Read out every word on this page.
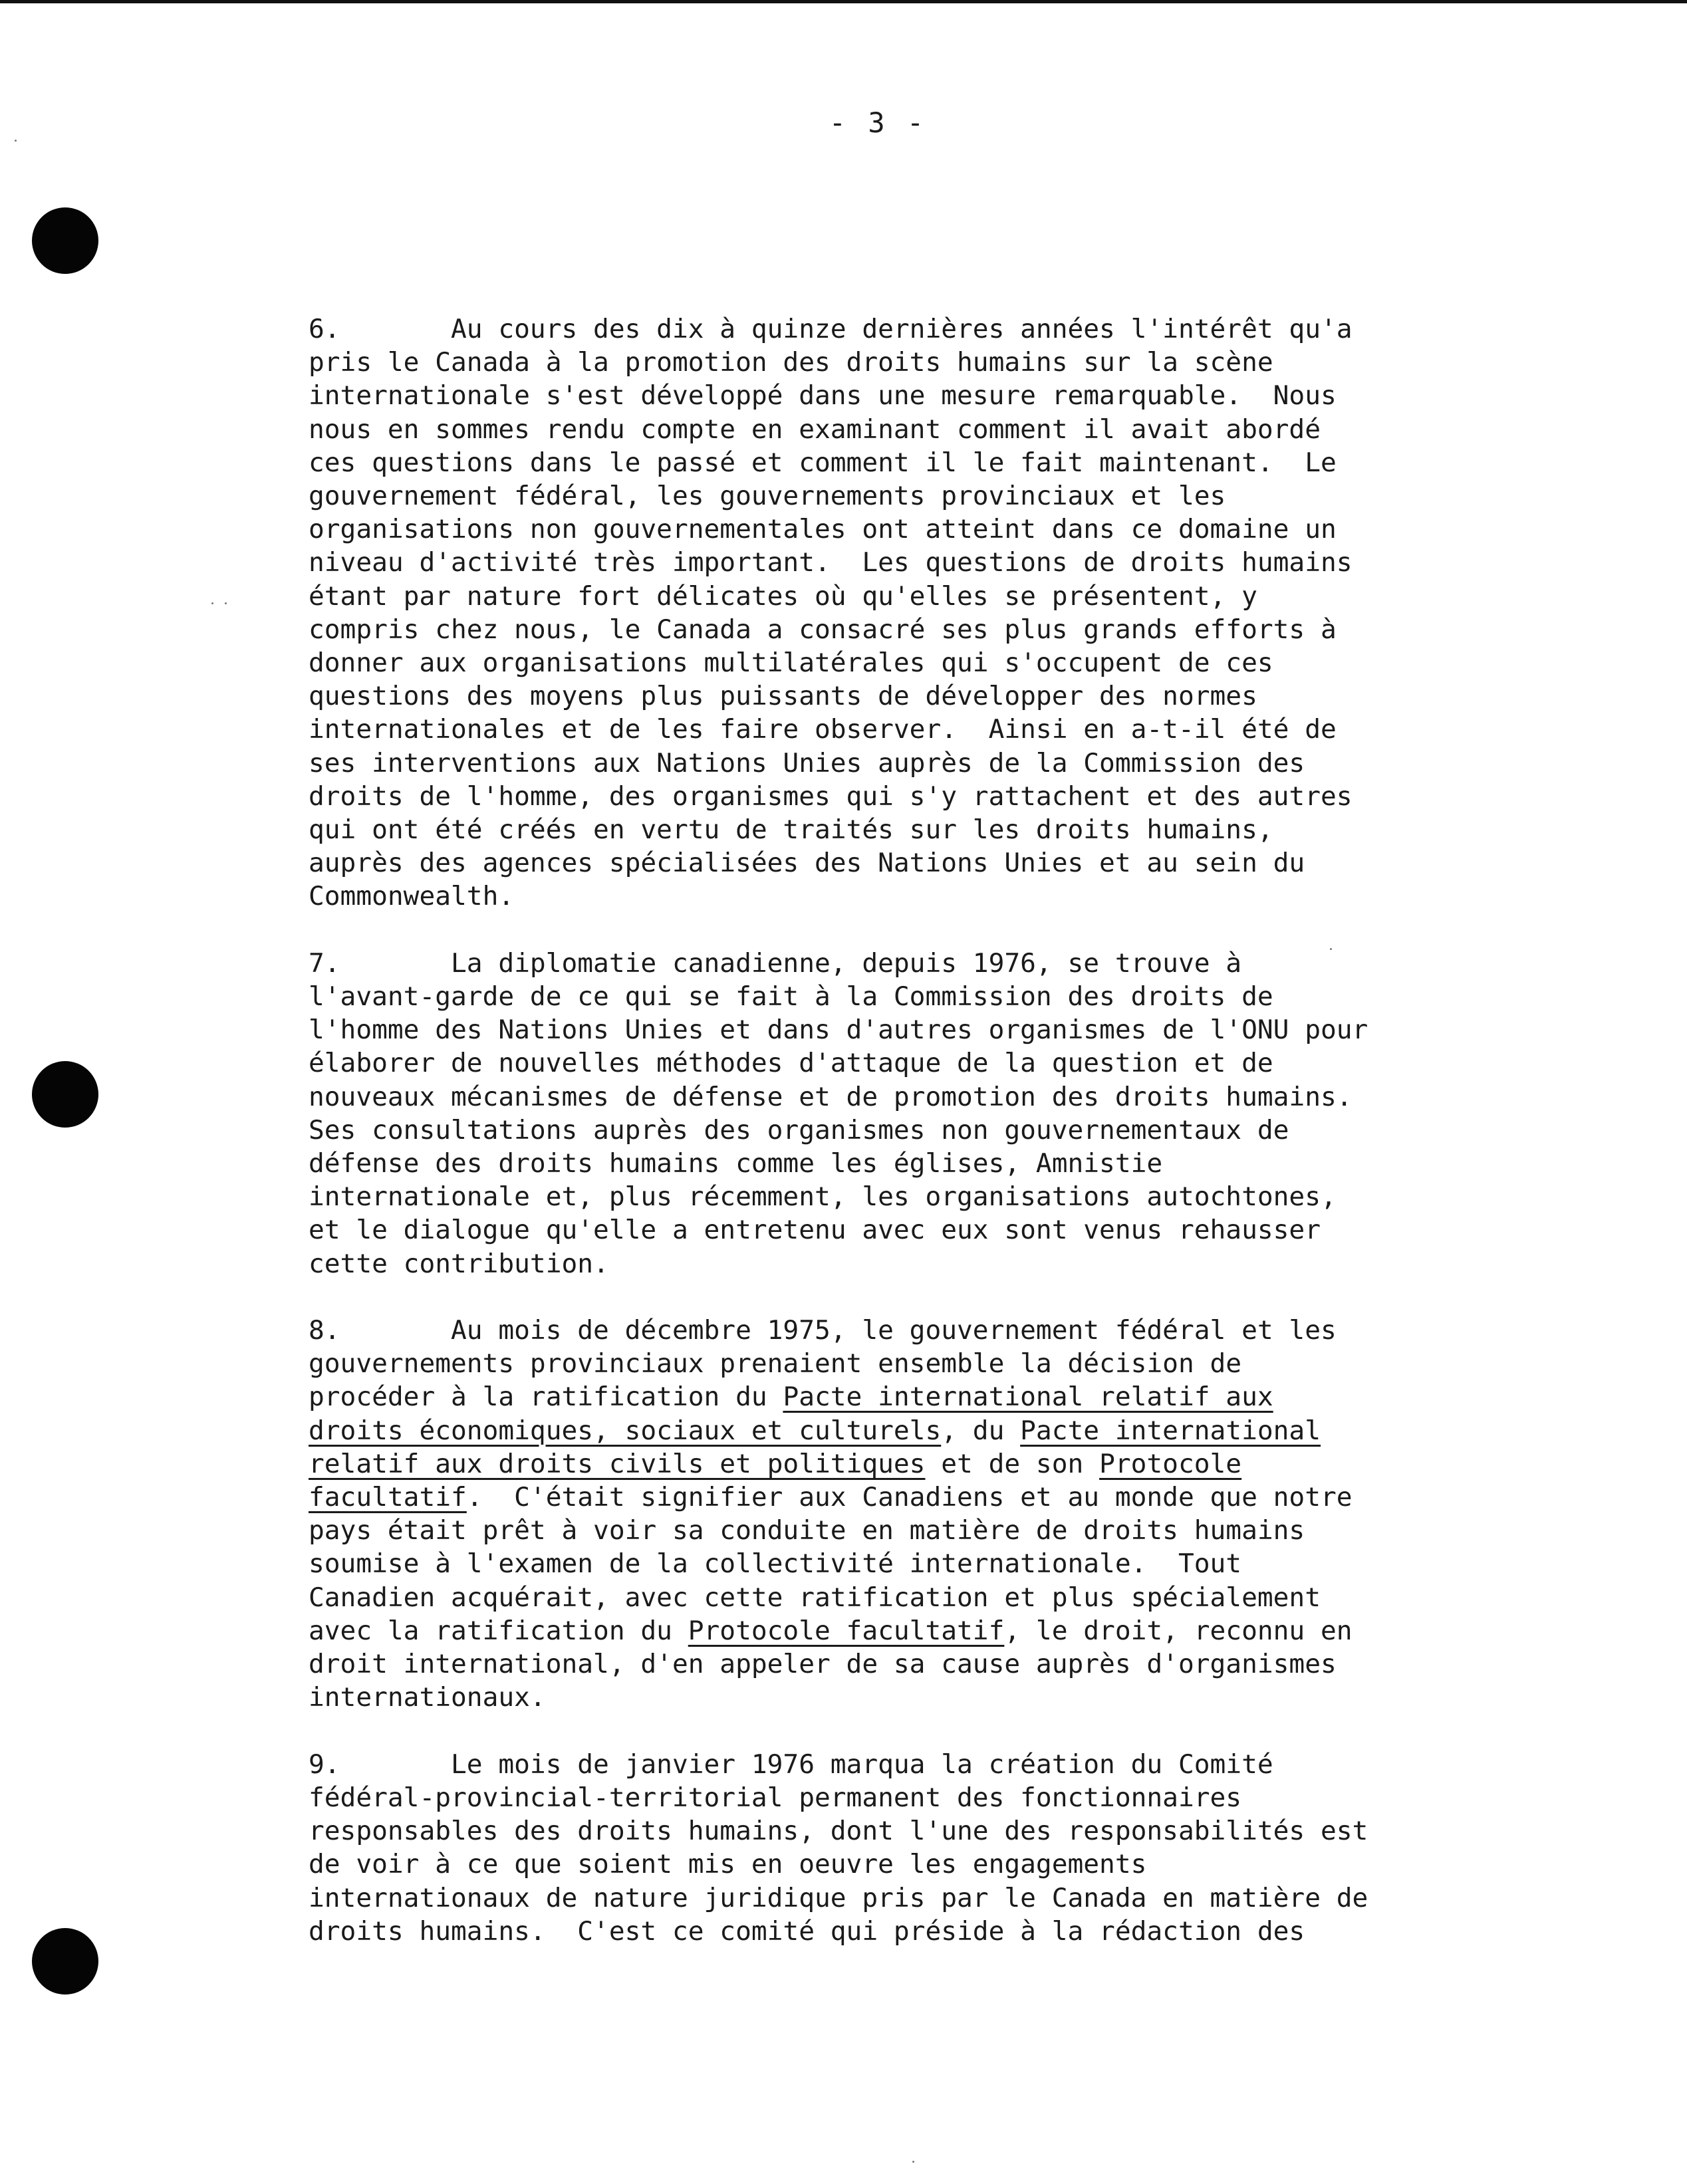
- 3 -
6.       Au cours des dix à quinze dernières années l'intérêt qu'a
pris le Canada à la promotion des droits humains sur la scène
internationale s'est développé dans une mesure remarquable.  Nous
nous en sommes rendu compte en examinant comment il avait abordé
ces questions dans le passé et comment il le fait maintenant.  Le
gouvernement fédéral, les gouvernements provinciaux et les
organisations non gouvernementales ont atteint dans ce domaine un
niveau d'activité très important.  Les questions de droits humains
étant par nature fort délicates où qu'elles se présentent, y
compris chez nous, le Canada a consacré ses plus grands efforts à
donner aux organisations multilatérales qui s'occupent de ces
questions des moyens plus puissants de développer des normes
internationales et de les faire observer.  Ainsi en a-t-il été de
ses interventions aux Nations Unies auprès de la Commission des
droits de l'homme, des organismes qui s'y rattachent et des autres
qui ont été créés en vertu de traités sur les droits humains,
auprès des agences spécialisées des Nations Unies et au sein du
Commonwealth.
7.       La diplomatie canadienne, depuis 1976, se trouve à
l'avant-garde de ce qui se fait à la Commission des droits de
l'homme des Nations Unies et dans d'autres organismes de l'ONU pour
élaborer de nouvelles méthodes d'attaque de la question et de
nouveaux mécanismes de défense et de promotion des droits humains.
Ses consultations auprès des organismes non gouvernementaux de
défense des droits humains comme les églises, Amnistie
internationale et, plus récemment, les organisations autochtones,
et le dialogue qu'elle a entretenu avec eux sont venus rehausser
cette contribution.
8.       Au mois de décembre 1975, le gouvernement fédéral et les
gouvernements provinciaux prenaient ensemble la décision de
procéder à la ratification du Pacte international relatif aux
droits économiques, sociaux et culturels, du Pacte international
relatif aux droits civils et politiques et de son Protocole
facultatif.  C'était signifier aux Canadiens et au monde que notre
pays était prêt à voir sa conduite en matière de droits humains
soumise à l'examen de la collectivité internationale.  Tout
Canadien acquérait, avec cette ratification et plus spécialement
avec la ratification du Protocole facultatif, le droit, reconnu en
droit international, d'en appeler de sa cause auprès d'organismes
internationaux.
9.       Le mois de janvier 1976 marqua la création du Comité
fédéral-provincial-territorial permanent des fonctionnaires
responsables des droits humains, dont l'une des responsabilités est
de voir à ce que soient mis en oeuvre les engagements
internationaux de nature juridique pris par le Canada en matière de
droits humains.  C'est ce comité qui préside à la rédaction des
